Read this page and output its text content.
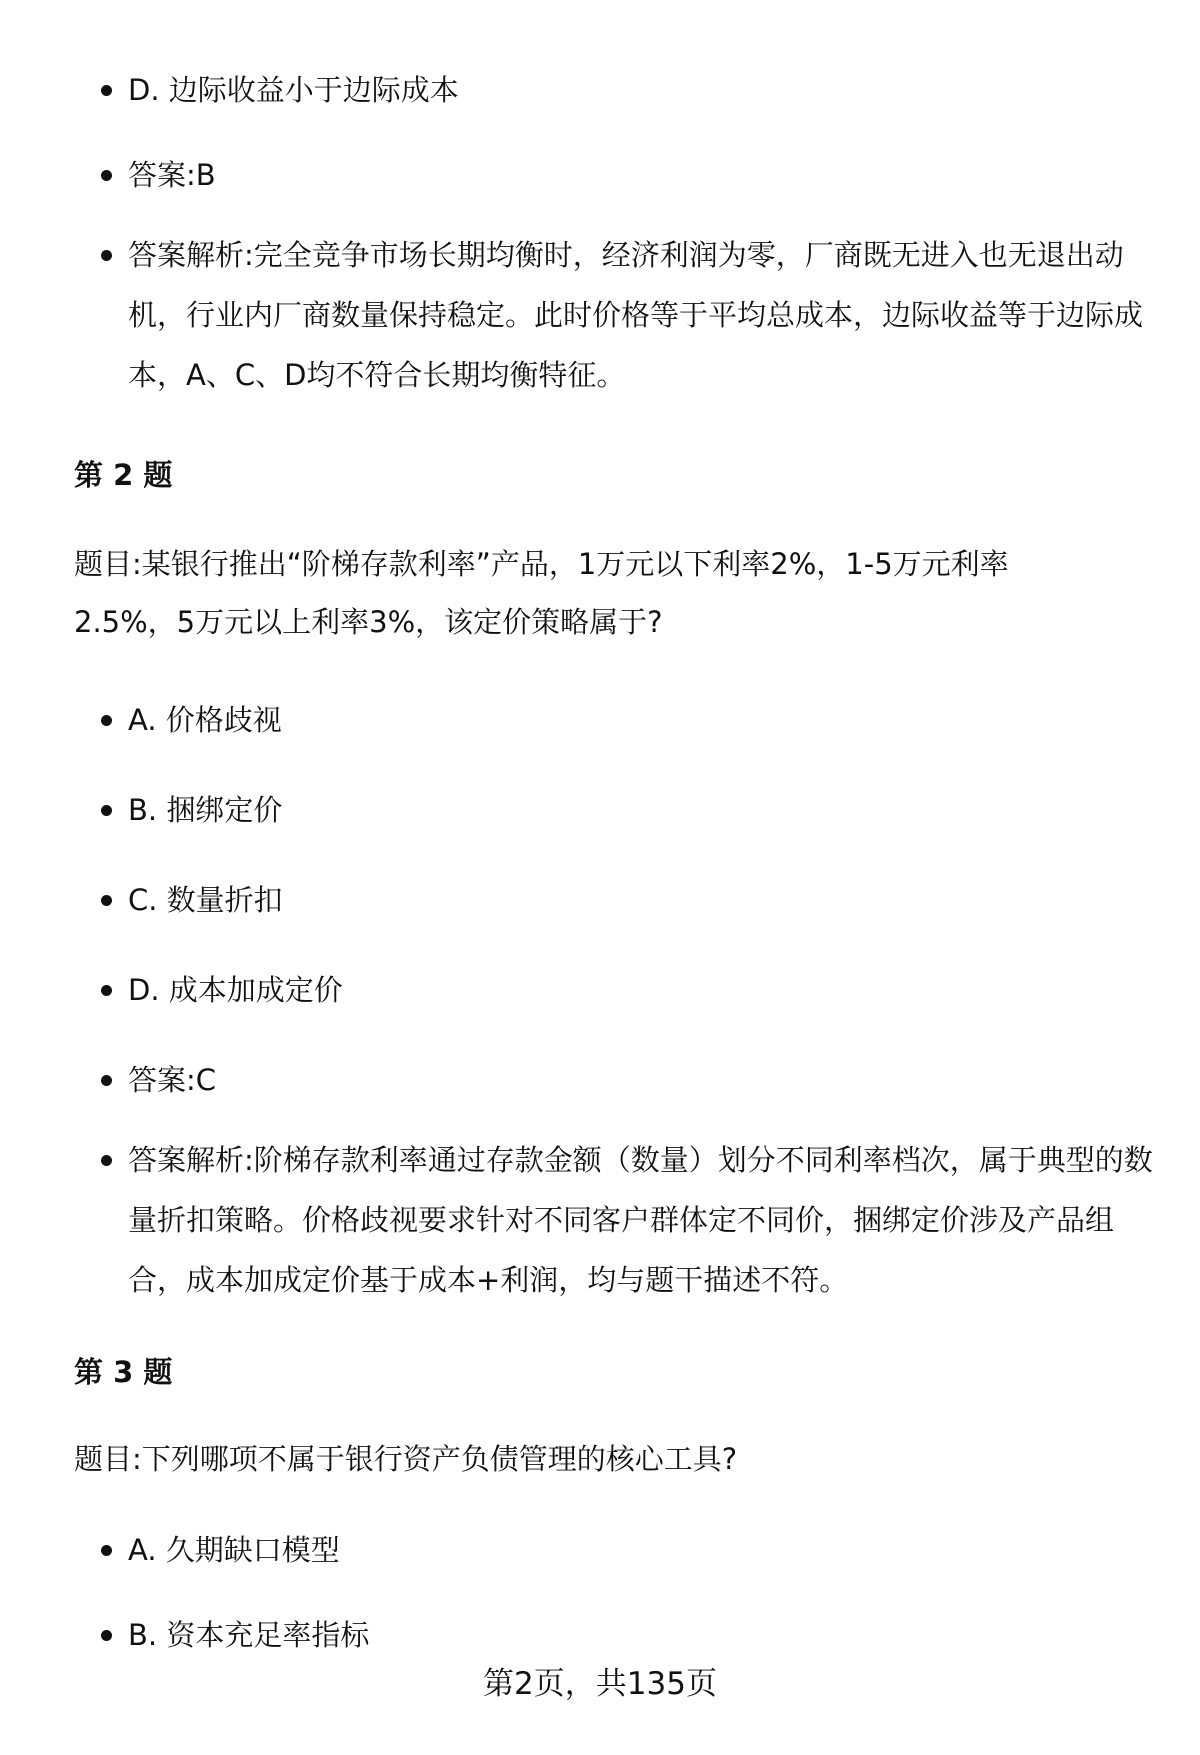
D. 边际收益小于边际成本
答案:B
答案解析:完全竞争市场长期均衡时，经济利润为零，厂商既无进入也无退出动机，行业内厂商数量保持稳定。此时价格等于平均总成本，边际收益等于边际成本，A、C、D均不符合长期均衡特征。
第 2 题
题目:某银行推出“阶梯存款利率”产品，1万元以下利率2%，1-5万元利率2.5%，5万元以上利率3%，该定价策略属于?
A. 价格歧视
B. 捆绑定价
C. 数量折扣
D. 成本加成定价
答案:C
答案解析:阶梯存款利率通过存款金额（数量）划分不同利率档次，属于典型的数量折扣策略。价格歧视要求针对不同客户群体定不同价，捆绑定价涉及产品组合，成本加成定价基于成本+利润，均与题干描述不符。
第 3 题
题目:下列哪项不属于银行资产负债管理的核心工具?
A. 久期缺口模型
B. 资本充足率指标
第2页，共135页
